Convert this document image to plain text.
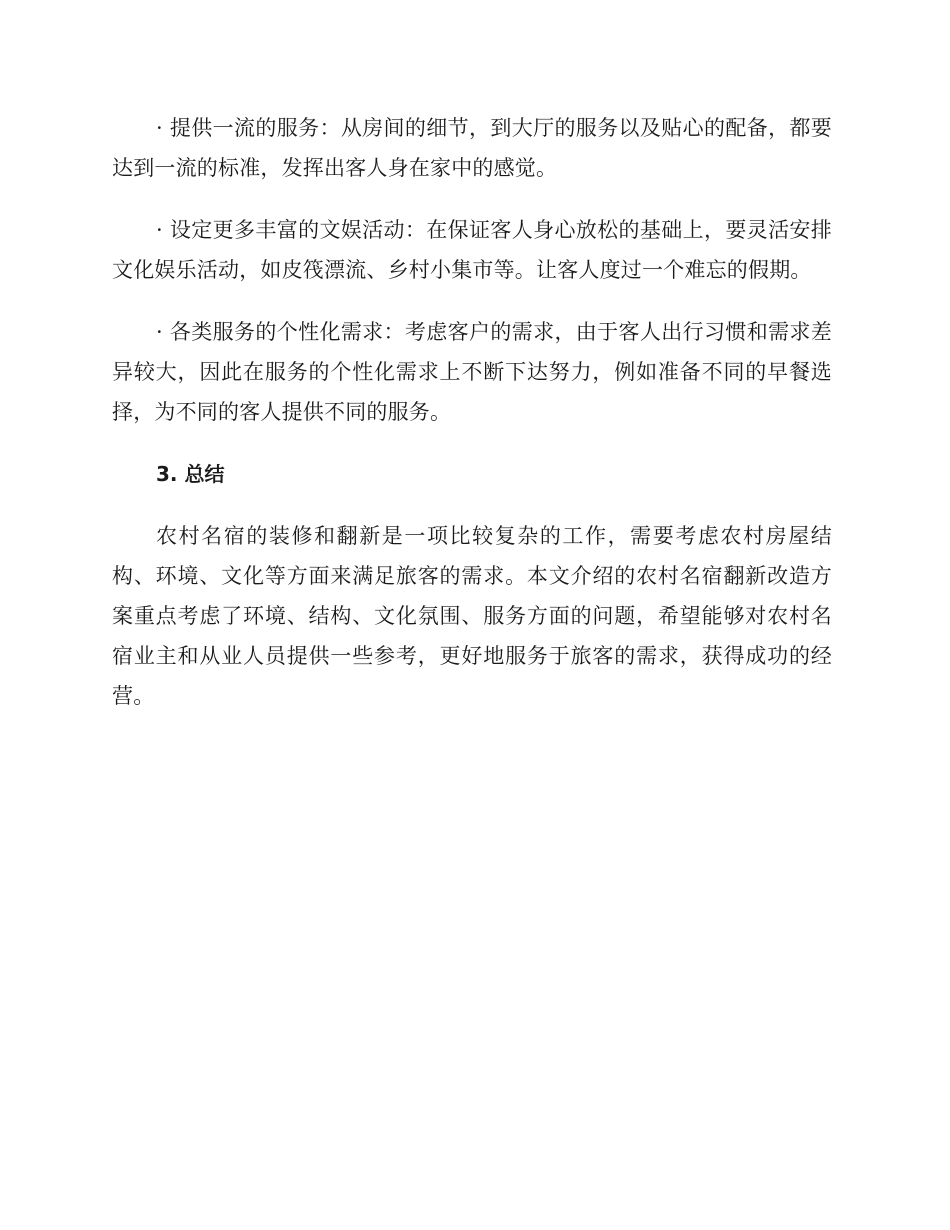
· 提供一流的服务：从房间的细节，到大厅的服务以及贴心的配备，都要达到一流的标准，发挥出客人身在家中的感觉。

· 设定更多丰富的文娱活动：在保证客人身心放松的基础上，要灵活安排文化娱乐活动，如皮筏漂流、乡村小集市等。让客人度过一个难忘的假期。

· 各类服务的个性化需求：考虑客户的需求，由于客人出行习惯和需求差异较大，因此在服务的个性化需求上不断下达努力，例如准备不同的早餐选择，为不同的客人提供不同的服务。

3. 总结

农村名宿的装修和翻新是一项比较复杂的工作，需要考虑农村房屋结构、环境、文化等方面来满足旅客的需求。本文介绍的农村名宿翻新改造方案重点考虑了环境、结构、文化氛围、服务方面的问题，希望能够对农村名宿业主和从业人员提供一些参考，更好地服务于旅客的需求，获得成功的经营。
